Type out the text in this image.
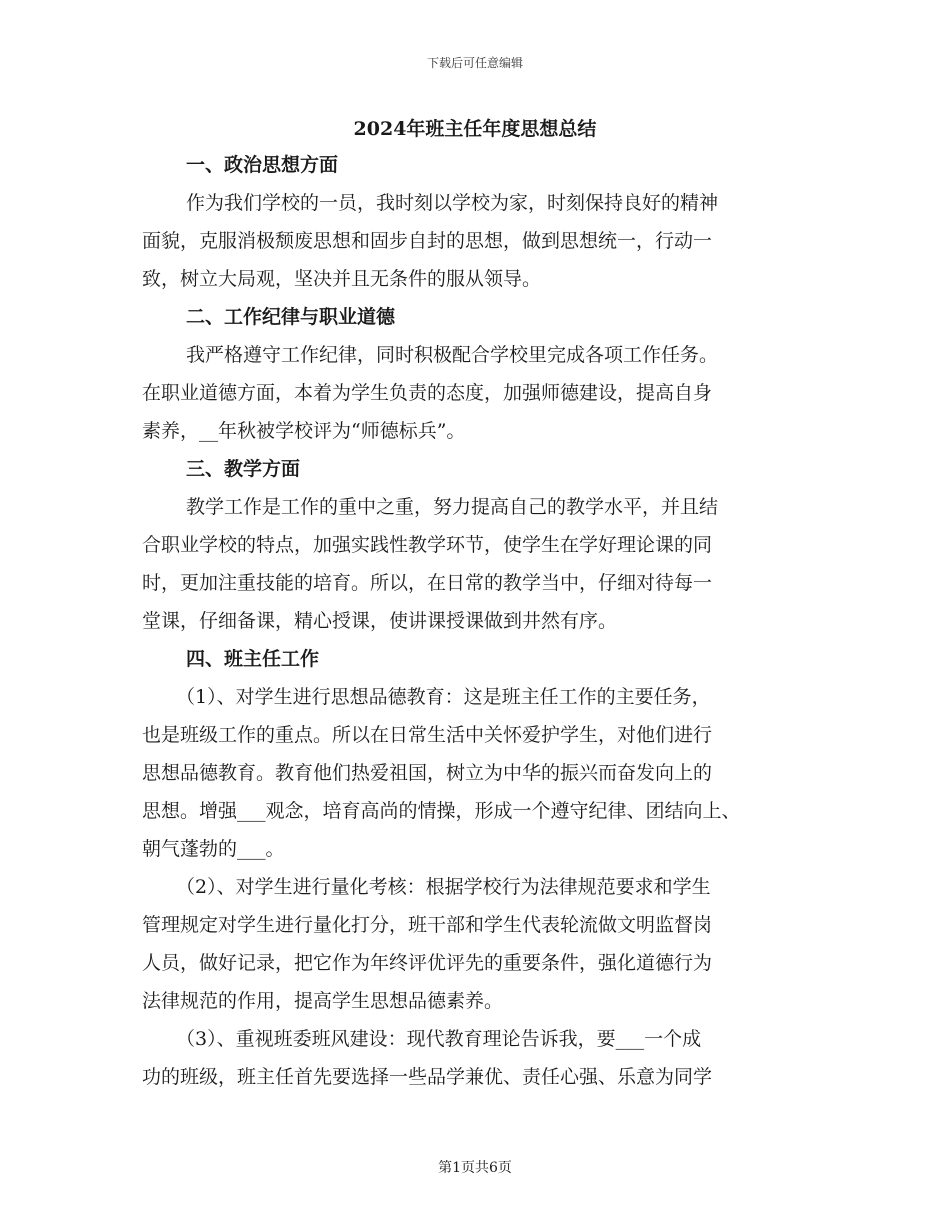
下载后可任意编辑
2024年班主任年度思想总结
一、政治思想方面

作为我们学校的一员，我时刻以学校为家，时刻保持良好的精神
面貌，克服消极颓废思想和固步自封的思想，做到思想统一，行动一
致，树立大局观，坚决并且无条件的服从领导。

二、工作纪律与职业道德

我严格遵守工作纪律，同时积极配合学校里完成各项工作任务。
在职业道德方面，本着为学生负责的态度，加强师德建设，提高自身
素养，__年秋被学校评为“师德标兵”。

三、教学方面

教学工作是工作的重中之重，努力提高自己的教学水平，并且结
合职业学校的特点，加强实践性教学环节，使学生在学好理论课的同
时，更加注重技能的培育。所以，在日常的教学当中，仔细对待每一
堂课，仔细备课，精心授课，使讲课授课做到井然有序。

四、班主任工作

（1）、对学生进行思想品德教育：这是班主任工作的主要任务，
也是班级工作的重点。所以在日常生活中关怀爱护学生，对他们进行
思想品德教育。教育他们热爱祖国，树立为中华的振兴而奋发向上的
思想。增强___观念，培育高尚的情操，形成一个遵守纪律、团结向上、
朝气蓬勃的___。

（2）、对学生进行量化考核：根据学校行为法律规范要求和学生
管理规定对学生进行量化打分，班干部和学生代表轮流做文明监督岗
人员，做好记录，把它作为年终评优评先的重要条件，强化道德行为
法律规范的作用，提高学生思想品德素养。

（3）、重视班委班风建设：现代教育理论告诉我，要___一个成
功的班级，班主任首先要选择一些品学兼优、责任心强、乐意为同学

第1页共6页
